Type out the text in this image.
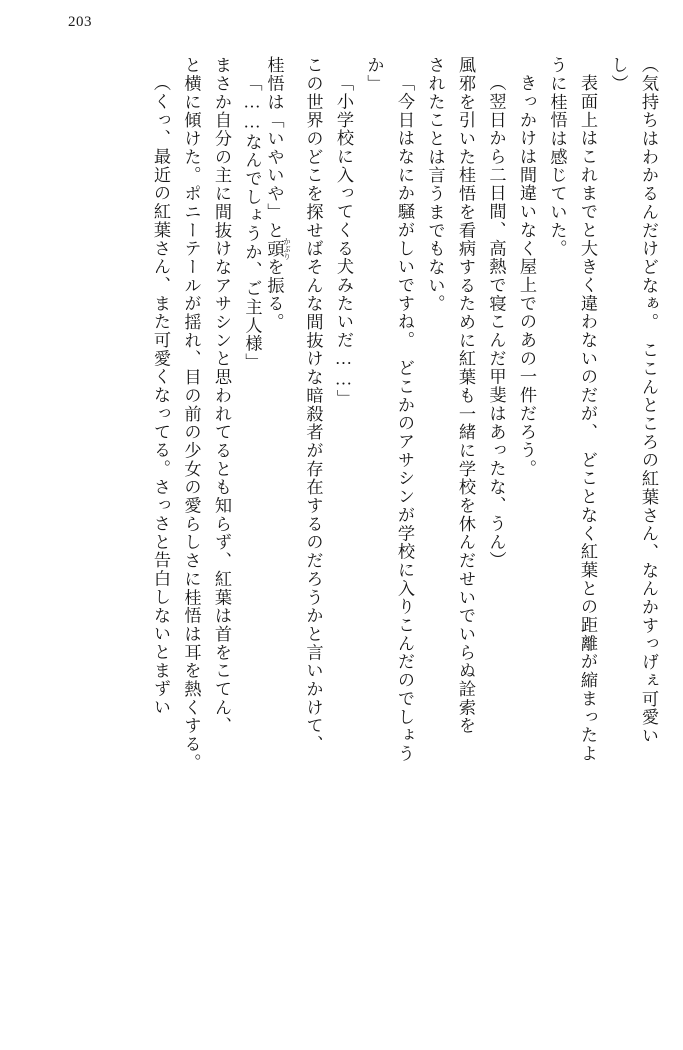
203
（気持ちはわかるんだけどなぁ。　ここんところの紅葉さん、なんかすっげぇ可愛い
し）
表面上はこれまでと大きく違わないのだが、　どことなく紅葉との距離が縮まったよ
うに桂悟は感じていた。
きっかけは間違いなく屋上でのあの一件だろう。
（翌日から二日間、高熱で寝こんだ甲斐はあったな、うん）
風邪を引いた桂悟を看病するために紅葉も一緒に学校を休んだせいでいらぬ詮索を
されたことは言うまでもない。
「今日はなにか騒がしいですね。　どこかのアサシンが学校に入りこんだのでしょう
か」
「小学校に入ってくる犬みたいだ……」
この世界のどこを探せばそんな間抜けな暗殺者が存在するのだろうかと言いかけて、
桂悟は「いやいや」と頭 かぶりを振る。
「……なんでしょうか、ご主人様」
まさか自分の主に間抜けなアサシンと思われてるとも知らず、紅葉は首をこてん、
と横に傾けた。ポニーテールが揺れ、目の前の少女の愛らしさに桂悟は耳を熱くする。
（くっ、最近の紅葉さん、また可愛くなってる。さっさと告白しないとまずい
